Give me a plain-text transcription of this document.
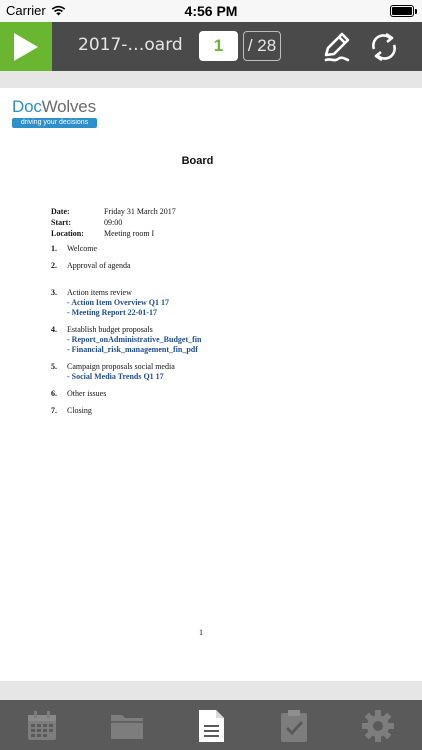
Carrier	4:56 PM
2017-…oard	1	/ 28
DocWolves
driving your decisions
Board
Date:	Friday 31 March 2017
Start:	09:00
Location:	Meeting room I
1.	Welcome
2.	Approval of agenda
3.	Action items review
- Action Item Overview Q1 17
- Meeting Report 22-01-17
4.	Establish budget proposals
- Report_onAdministrative_Budget_fin
- Financial_risk_management_fin_pdf
5.	Campaign proposals social media
- Social Media Trends Q1 17
6.	Other issues
7.	Closing
1
